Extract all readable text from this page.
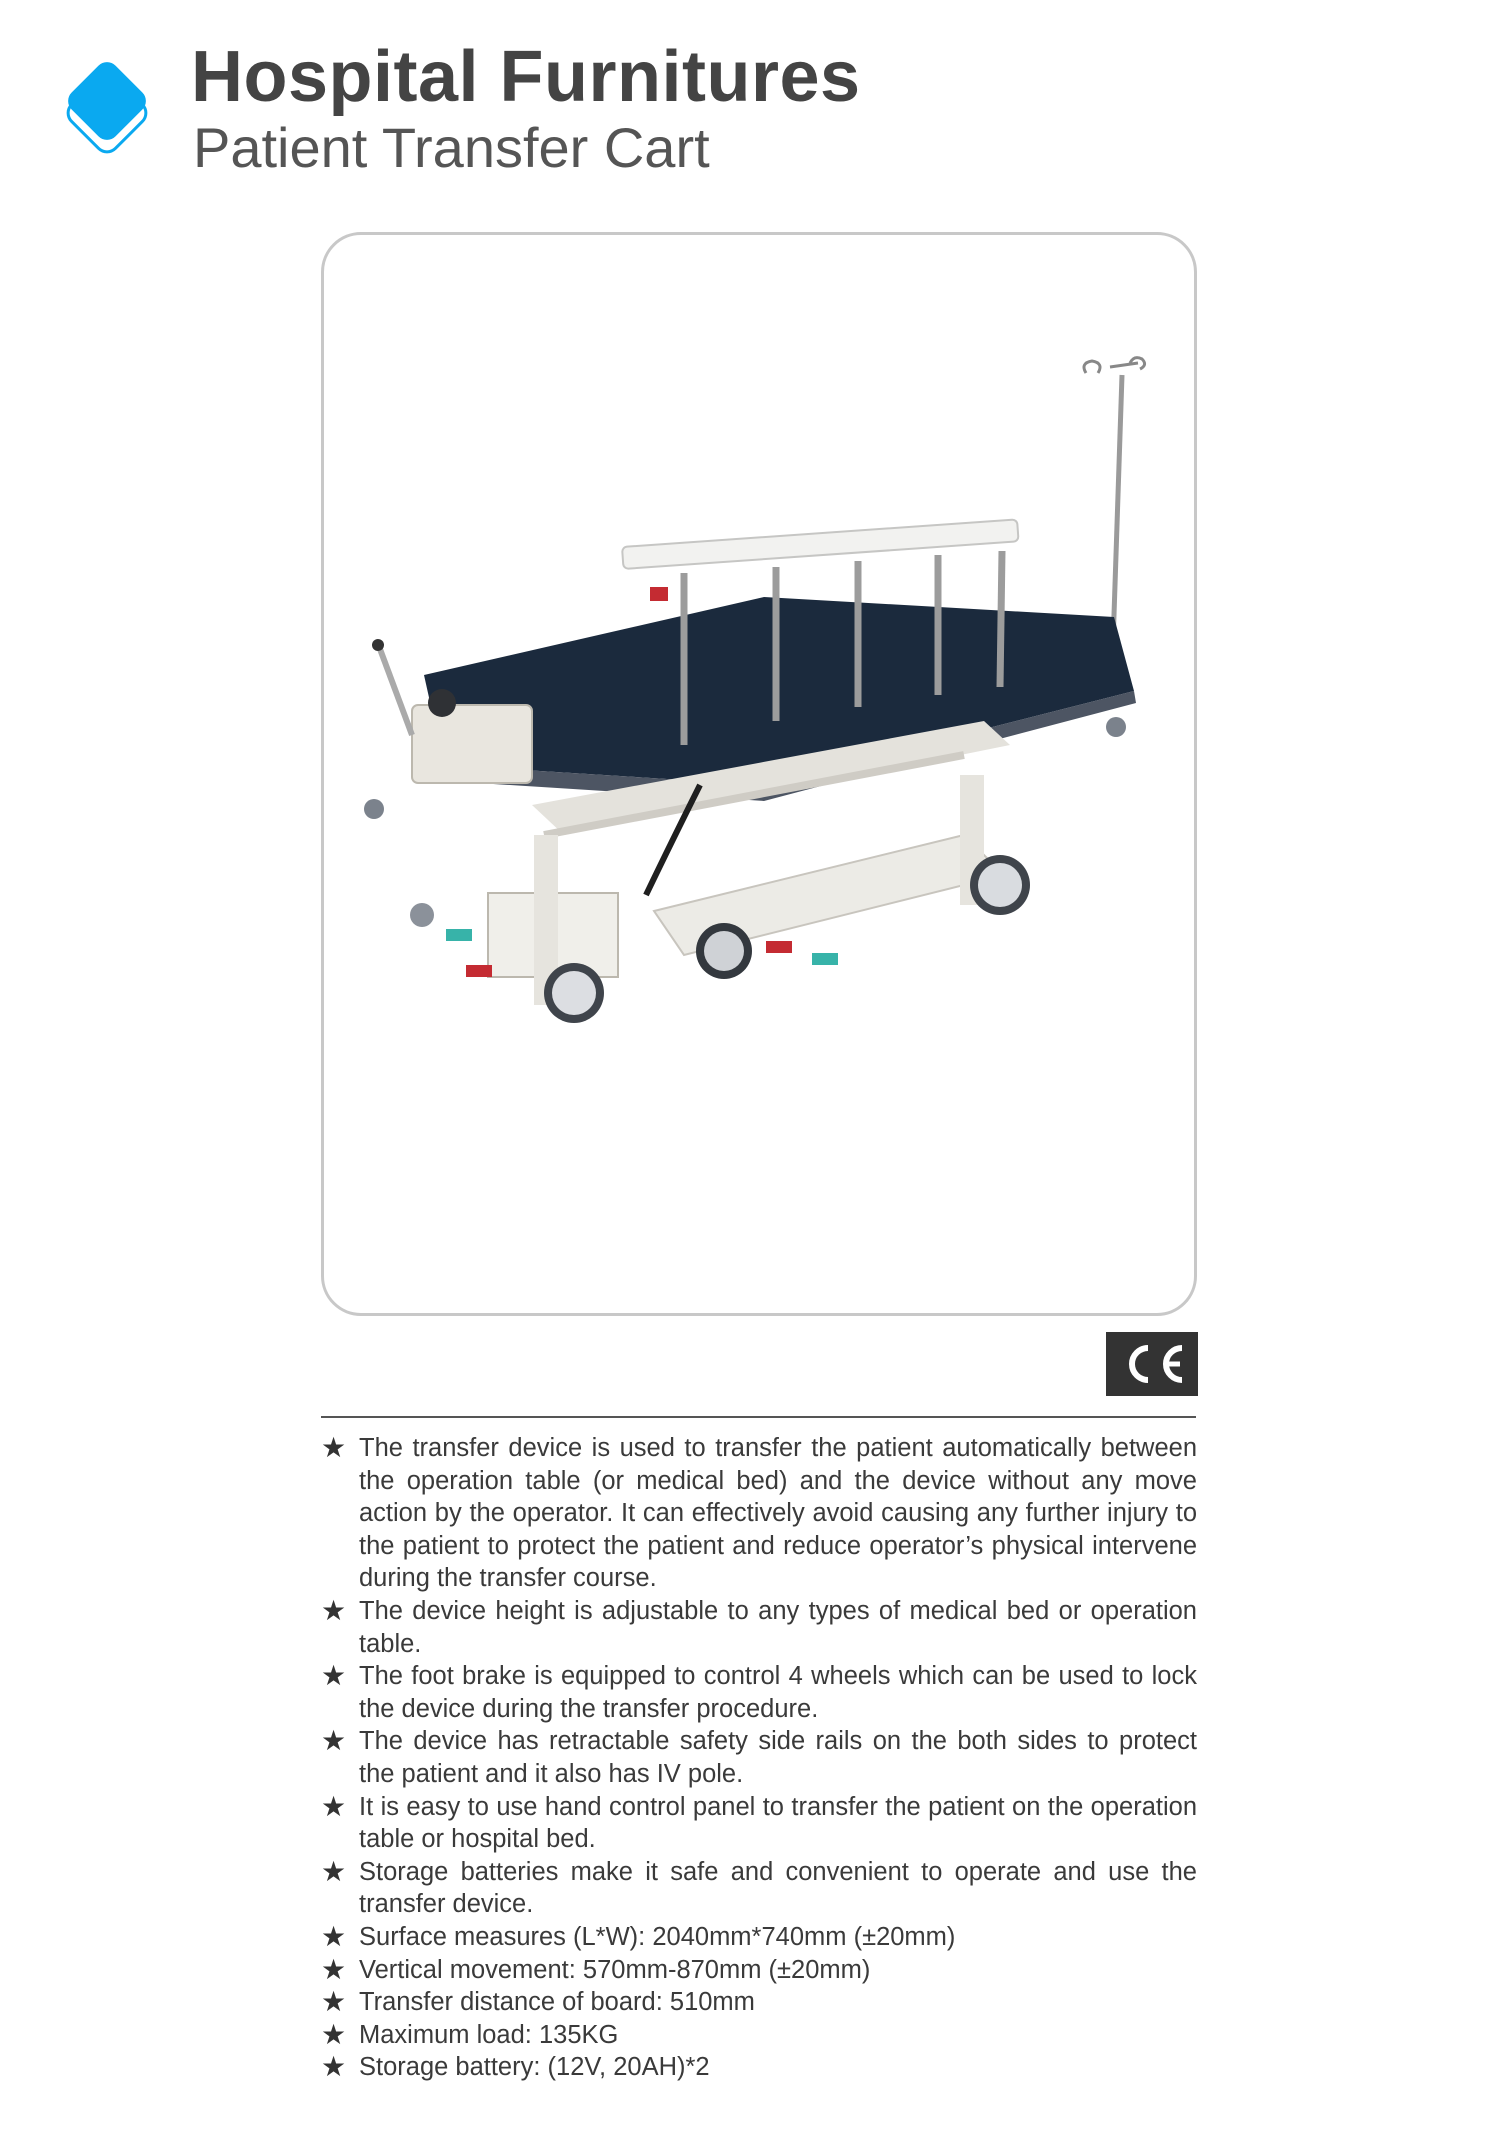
Hospital Furnitures
Patient Transfer Cart
★ The transfer device is used to transfer the patient automatically between the operation table (or medical bed) and the device without any move action by the operator. It can effectively avoid causing any further injury to the patient to protect the patient and reduce operator’s physical intervene during the transfer course.
★ The device height is adjustable to any types of medical bed or operation table.
★ The foot brake is equipped to control 4 wheels which can be used to lock the device during the transfer procedure.
★ The device has retractable safety side rails on the both sides to protect the patient and it also has IV pole.
★ It is easy to use hand control panel to transfer the patient on the operation table or hospital bed.
★ Storage batteries make it safe and convenient to operate and use the transfer device.
★ Surface measures (L*W): 2040mm*740mm (±20mm)
★ Vertical movement: 570mm-870mm (±20mm)
★ Transfer distance of board: 510mm
★ Maximum load: 135KG
★ Storage battery: (12V, 20AH)*2
